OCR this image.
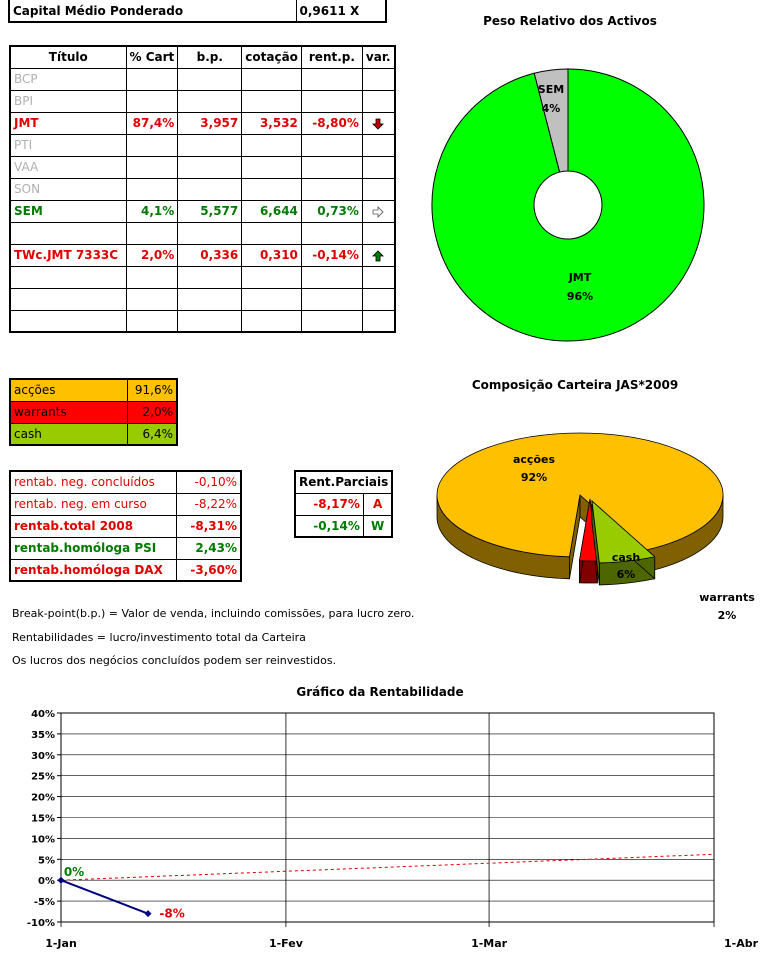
Capital Médio Ponderado	0,9611 X
Título	% Cart	b.p.	cotação	rent.p.	var.
BCP					
BPI					
JMT	87,4%	3,957	3,532	-8,80%	
PTI					
VAA					
SON					
SEM	4,1%	5,577	6,644	0,73%	

TWc.JMT 7333C	2,0%	0,336	0,310	-0,14%	

acções	91,6%
warrants	2,0%
cash	6,4%
rentab. neg. concluídos	-0,10%
rentab. neg. em curso	-8,22%
rentab.total 2008	-8,31%
rentab.homóloga PSI	2,43%
rentab.homóloga DAX	-3,60%
Rent.Parciais	
-8,17%	A
-0,14%	W
Break-point(b.p.) = Valor de venda, incluindo comissões, para lucro zero.
Rentabilidades = lucro/investimento total da Carteira
Os lucros dos negócios concluídos podem ser reinvestidos.
Peso Relativo dos Activos
SEM
4%
JMT
96%
Composição Carteira JAS*2009
acções
92%
cash
6%
warrants
2%
Gráfico da Rentabilidade
40%
35%
30%
25%
20%
15%
10%
5%
0%
-5%
-10%
1-Jan	1-Fev	1-Mar	1-Abr
0%
-8%
